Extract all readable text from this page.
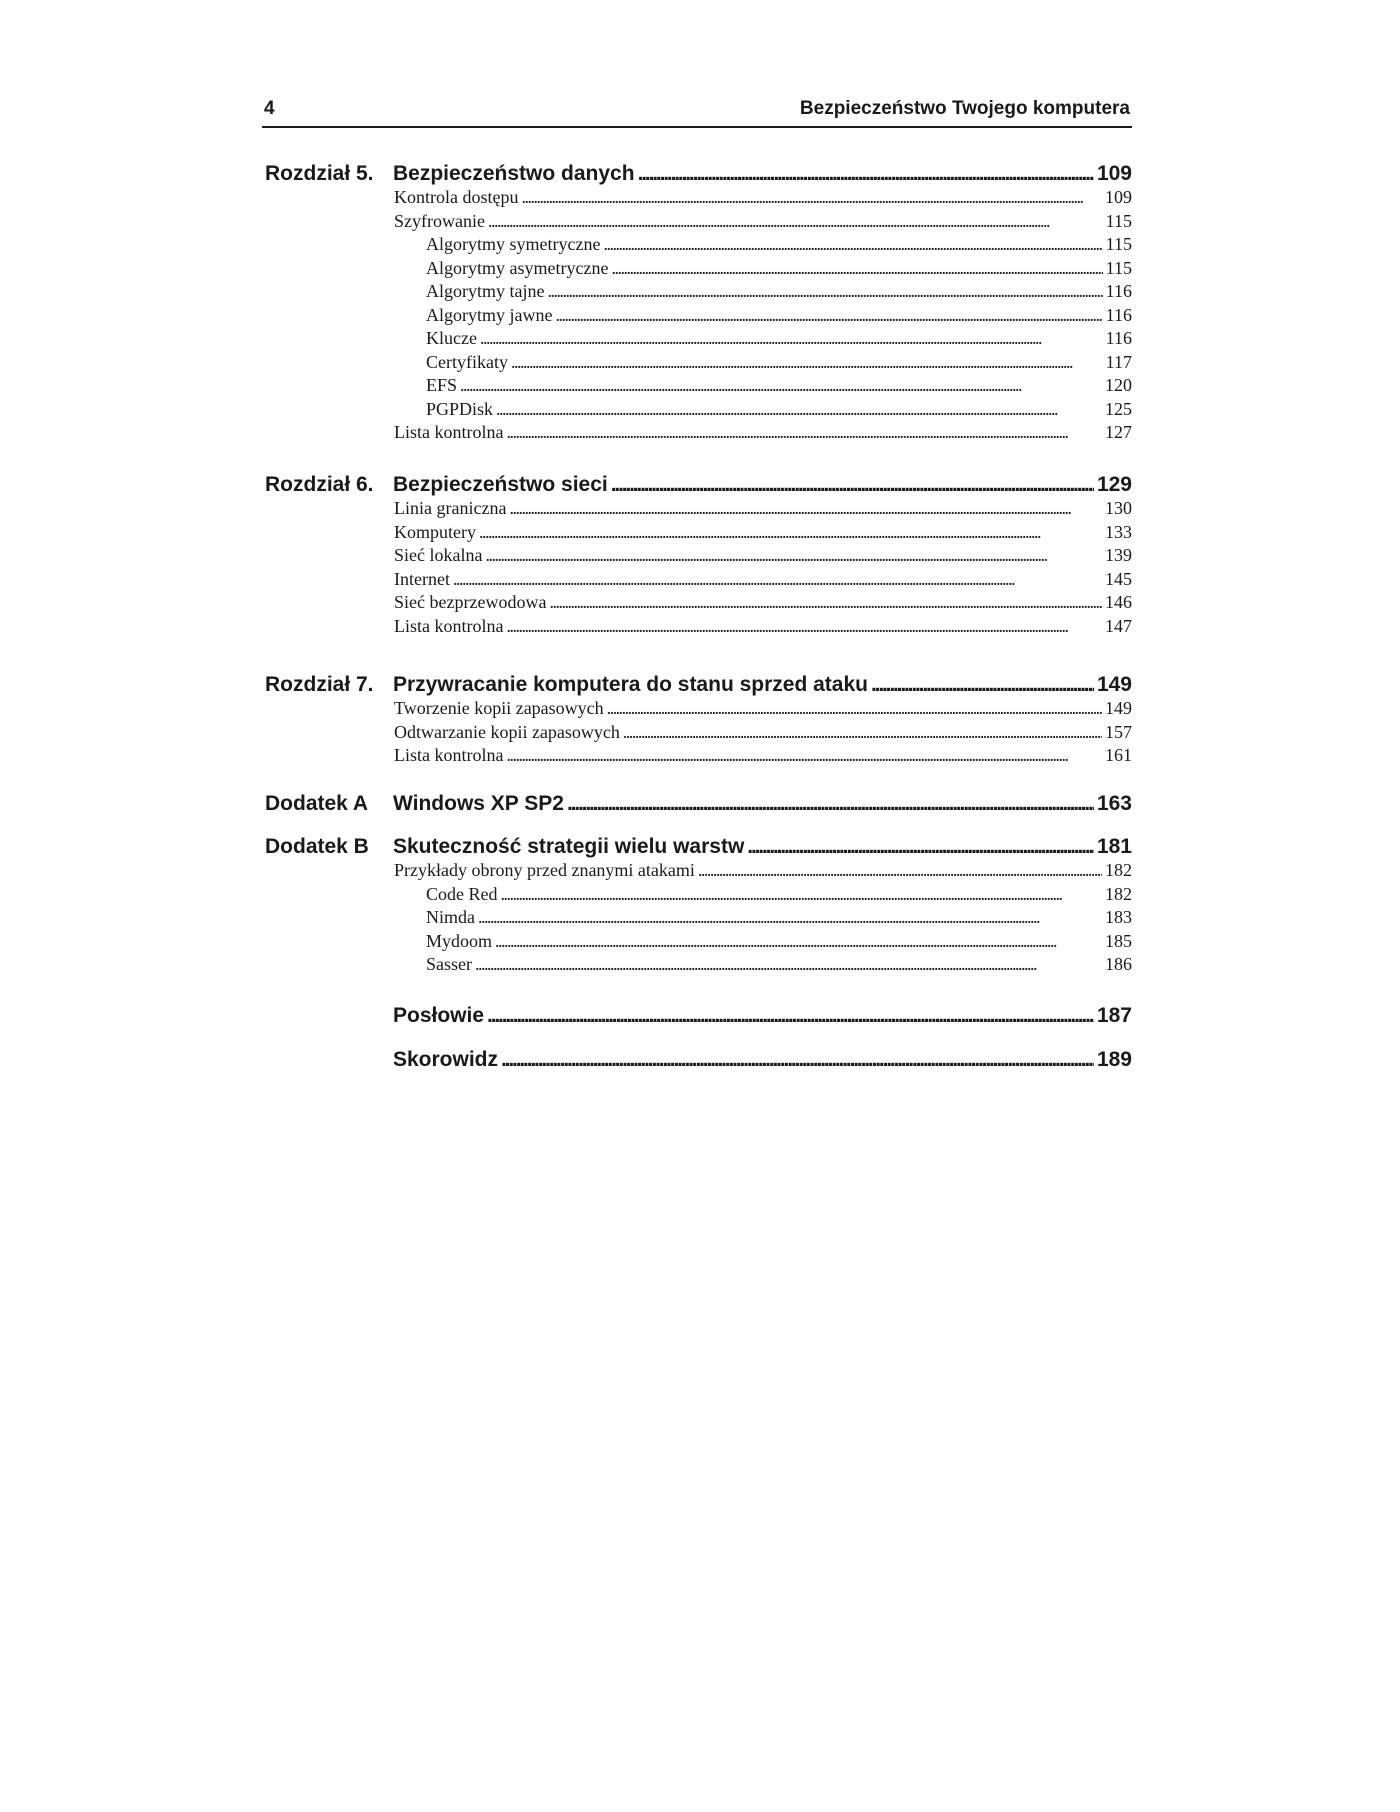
4	Bezpieczeństwo Twojego komputera
Rozdział 5. Bezpieczeństwo danych . . .	109
Kontrola dostępu . . .	109
Szyfrowanie . . .	115
Algorytmy symetryczne . . .	115
Algorytmy asymetryczne . . .	115
Algorytmy tajne . . .	116
Algorytmy jawne . . .	116
Klucze . . .	116
Certyfikaty . . .	117
EFS . . .	120
PGPDisk . . .	125
Lista kontrolna . . .	127
Rozdział 6. Bezpieczeństwo sieci . . .	129
Linia graniczna . . .	130
Komputery . . .	133
Sieć lokalna . . .	139
Internet . . .	145
Sieć bezprzewodowa . . .	146
Lista kontrolna . . .	147
Rozdział 7. Przywracanie komputera do stanu sprzed ataku . . .	149
Tworzenie kopii zapasowych . . .	149
Odtwarzanie kopii zapasowych . . .	157
Lista kontrolna . . .	161
Dodatek A Windows XP SP2 . . .	163
Dodatek B Skuteczność strategii wielu warstw . . .	181
Przykłady obrony przed znanymi atakami . . .	182
Code Red . . .	182
Nimda . . .	183
Mydoom . . .	185
Sasser . . .	186
Posłowie . . .	187
Skorowidz . . .	189
